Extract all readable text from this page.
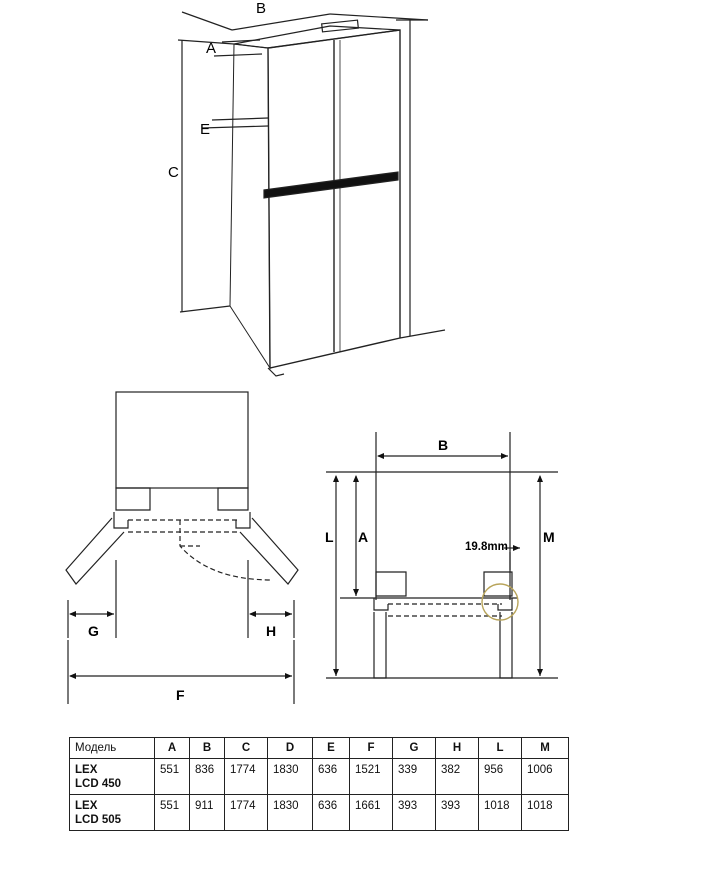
B
A
C
E
G	H
F
B
L A	M
19.8mm
Модель	A	B	C	D	E	F	G	H	L	M
LEX
LCD 450	551	836	1774	1830	636	1521	339	382	956	1006
LEX
LCD 505	551	911	1774	1830	636	1661	393	393	1018	1018
